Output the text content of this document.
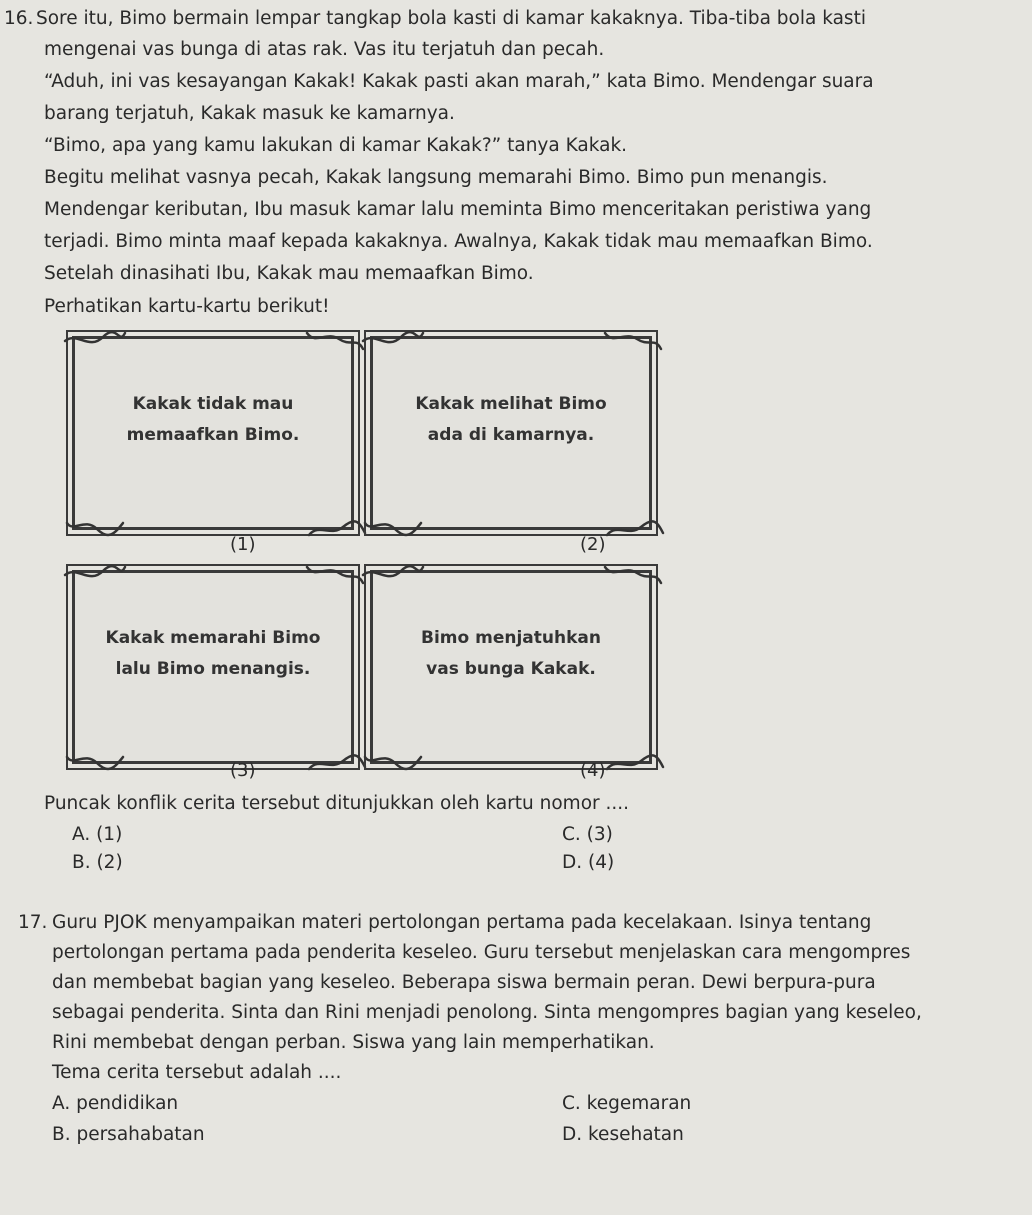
16. Sore itu, Bimo bermain lempar tangkap bola kasti di kamar kakaknya. Tiba-tiba bola kasti
mengenai vas bunga di atas rak. Vas itu terjatuh dan pecah.
“Aduh, ini vas kesayangan Kakak! Kakak pasti akan marah,” kata Bimo. Mendengar suara
barang terjatuh, Kakak masuk ke kamarnya.
“Bimo, apa yang kamu lakukan di kamar Kakak?” tanya Kakak.
Begitu melihat vasnya pecah, Kakak langsung memarahi Bimo. Bimo pun menangis.
Mendengar keributan, Ibu masuk kamar lalu meminta Bimo menceritakan peristiwa yang
terjadi. Bimo minta maaf kepada kakaknya. Awalnya, Kakak tidak mau memaafkan Bimo.
Setelah dinasihati Ibu, Kakak mau memaafkan Bimo.
Perhatikan kartu-kartu berikut!
Kakak tidak mau
memaafkan Bimo.
(1)
Kakak melihat Bimo
ada di kamarnya.
(2)
Kakak memarahi Bimo
lalu Bimo menangis.
(3)
Bimo menjatuhkan
vas bunga Kakak.
(4)
Puncak konflik cerita tersebut ditunjukkan oleh kartu nomor ....
A. (1)
B. (2)
C. (3)
D. (4)
17. Guru PJOK menyampaikan materi pertolongan pertama pada kecelakaan. Isinya tentang
pertolongan pertama pada penderita keseleo. Guru tersebut menjelaskan cara mengompres
dan membebat bagian yang keseleo. Beberapa siswa bermain peran. Dewi berpura-pura
sebagai penderita. Sinta dan Rini menjadi penolong. Sinta mengompres bagian yang keseleo,
Rini membebat dengan perban. Siswa yang lain memperhatikan.
Tema cerita tersebut adalah ....
A. pendidikan
B. persahabatan
C. kegemaran
D. kesehatan
